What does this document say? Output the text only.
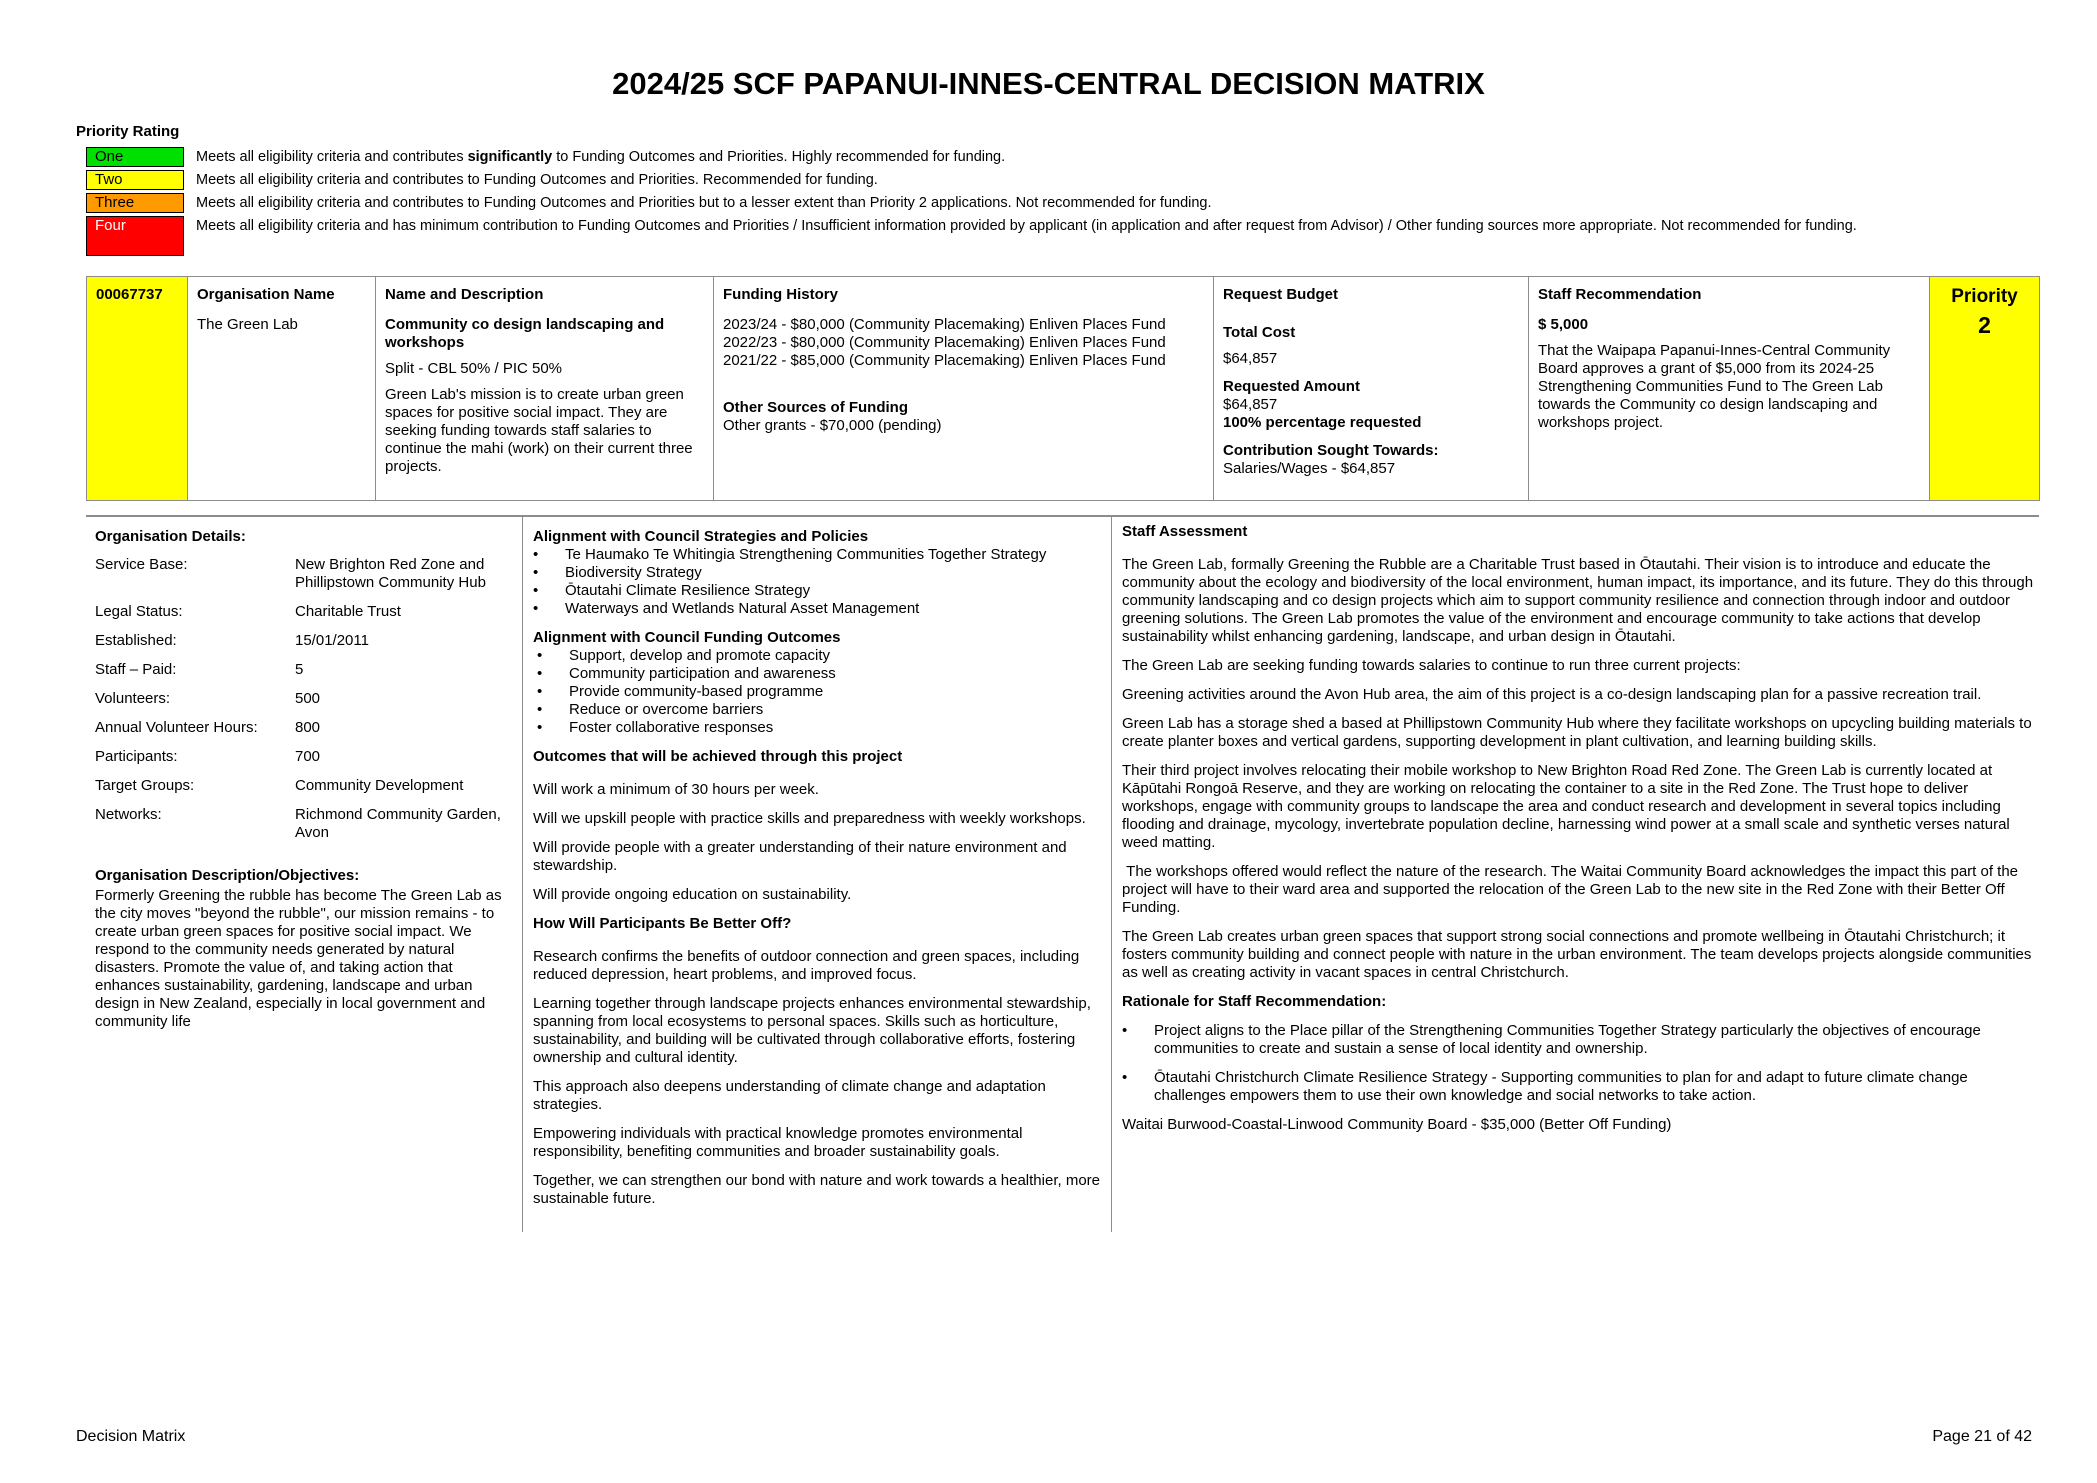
2024/25 SCF PAPANUI-INNES-CENTRAL DECISION MATRIX
Priority Rating
One	Meets all eligibility criteria and contributes significantly to Funding Outcomes and Priorities. Highly recommended for funding.
Two	Meets all eligibility criteria and contributes to Funding Outcomes and Priorities. Recommended for funding.
Three	Meets all eligibility criteria and contributes to Funding Outcomes and Priorities but to a lesser extent than Priority 2 applications. Not recommended for funding.
Four	Meets all eligibility criteria and has minimum contribution to Funding Outcomes and Priorities / Insufficient information provided by applicant (in application and after request from Advisor) / Other funding sources more appropriate. Not recommended for funding.
00067737	Organisation Name
The Green Lab

Name and Description
Community co design landscaping and workshops
Split - CBL 50% / PIC 50%
Green Lab's mission is to create urban green spaces for positive social impact. They are seeking funding towards staff salaries to continue the mahi (work) on their current three projects.

Funding History
2023/24 - $80,000 (Community Placemaking) Enliven Places Fund
2022/23 - $80,000 (Community Placemaking) Enliven Places Fund
2021/22 - $85,000 (Community Placemaking) Enliven Places Fund
Other Sources of Funding
Other grants - $70,000 (pending)

Request Budget
Total Cost
$64,857
Requested Amount
$64,857
100% percentage requested
Contribution Sought Towards:
Salaries/Wages - $64,857

Staff Recommendation
$ 5,000
That the Waipapa Papanui-Innes-Central Community Board approves a grant of $5,000 from its 2024-25 Strengthening Communities Fund to The Green Lab towards the Community co design landscaping and workshops project.

Priority
2

Organisation Details:

Service Base:	New Brighton Red Zone and Phillipstown Community Hub
Legal Status:	Charitable Trust
Established:	15/01/2011
Staff – Paid:	5
Volunteers:	500
Annual Volunteer Hours:	800
Participants:	700
Target Groups:	Community Development
Networks:	Richmond Community Garden, Avon

Organisation Description/Objectives:

Formerly Greening the rubble has become The Green Lab as the city moves "beyond the rubble", our mission remains - to create urban green spaces for positive social impact. We respond to the community needs generated by natural disasters. Promote the value of, and taking action that enhances sustainability, gardening, landscape and urban design in New Zealand, especially in local government and community life

Alignment with Council Strategies and Policies

• Te Haumako Te Whitingia Strengthening Communities Together Strategy
• Biodiversity Strategy
• Ōtautahi Climate Resilience Strategy
• Waterways and Wetlands Natural Asset Management

Alignment with Council Funding Outcomes

• Support, develop and promote capacity
• Community participation and awareness
• Provide community-based programme
• Reduce or overcome barriers
• Foster collaborative responses

Outcomes that will be achieved through this project

Will work a minimum of 30 hours per week.

Will we upskill people with practice skills and preparedness with weekly workshops.

Will provide people with a greater understanding of their nature environment and stewardship.

Will provide ongoing education on sustainability.

How Will Participants Be Better Off?

Research confirms the benefits of outdoor connection and green spaces, including reduced depression, heart problems, and improved focus.

Learning together through landscape projects enhances environmental stewardship, spanning from local ecosystems to personal spaces. Skills such as horticulture, sustainability, and building will be cultivated through collaborative efforts, fostering ownership and cultural identity.

This approach also deepens understanding of climate change and adaptation strategies.

Empowering individuals with practical knowledge promotes environmental responsibility, benefiting communities and broader sustainability goals.

Together, we can strengthen our bond with nature and work towards a healthier, more sustainable future.

Staff Assessment

The Green Lab, formally Greening the Rubble are a Charitable Trust based in Ōtautahi. Their vision is to introduce and educate the community about the ecology and biodiversity of the local environment, human impact, its importance, and its future. They do this through community landscaping and co design projects which aim to support community resilience and connection through indoor and outdoor greening solutions. The Green Lab promotes the value of the environment and encourage community to take actions that develop sustainability whilst enhancing gardening, landscape, and urban design in Ōtautahi.

The Green Lab are seeking funding towards salaries to continue to run three current projects:

Greening activities around the Avon Hub area, the aim of this project is a co-design landscaping plan for a passive recreation trail.

Green Lab has a storage shed a based at Phillipstown Community Hub where they facilitate workshops on upcycling building materials to create planter boxes and vertical gardens, supporting development in plant cultivation, and learning building skills.

Their third project involves relocating their mobile workshop to New Brighton Road Red Zone. The Green Lab is currently located at Kāpūtahi Rongoā Reserve, and they are working on relocating the container to a site in the Red Zone. The Trust hope to deliver workshops, engage with community groups to landscape the area and conduct research and development in several topics including flooding and drainage, mycology, invertebrate population decline, harnessing wind power at a small scale and synthetic verses natural weed matting.

The workshops offered would reflect the nature of the research. The Waitai Community Board acknowledges the impact this part of the project will have to their ward area and supported the relocation of the Green Lab to the new site in the Red Zone with their Better Off Funding.

The Green Lab creates urban green spaces that support strong social connections and promote wellbeing in Ōtautahi Christchurch; it fosters community building and connect people with nature in the urban environment. The team develops projects alongside communities as well as creating activity in vacant spaces in central Christchurch.

Rationale for Staff Recommendation:

• Project aligns to the Place pillar of the Strengthening Communities Together Strategy particularly the objectives of encourage communities to create and sustain a sense of local identity and ownership.
• Ōtautahi Christchurch Climate Resilience Strategy - Supporting communities to plan for and adapt to future climate change challenges empowers them to use their own knowledge and social networks to take action.

Waitai Burwood-Coastal-Linwood Community Board - $35,000 (Better Off Funding)

Decision Matrix	Page 21 of 42
